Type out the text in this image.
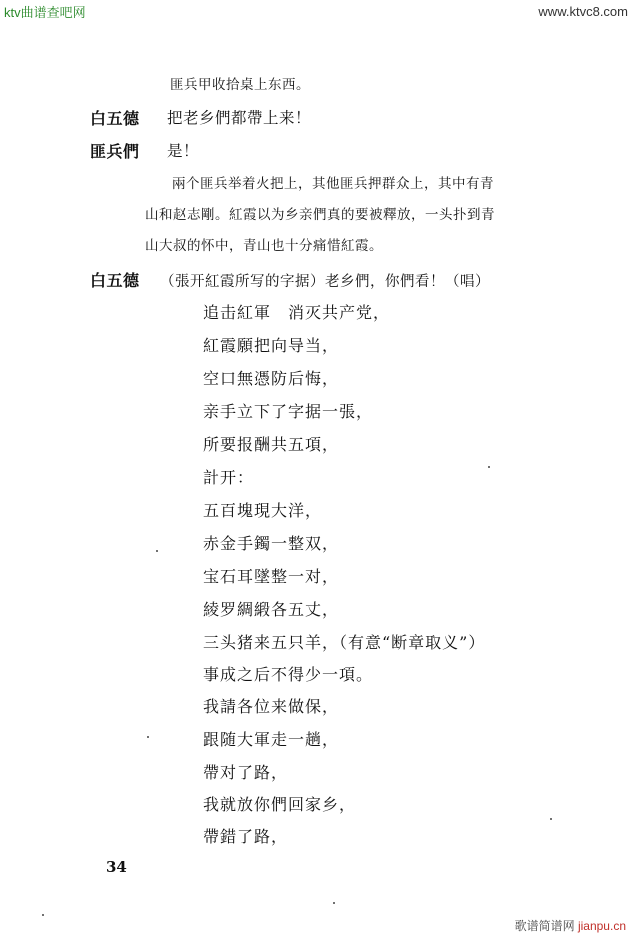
ktv曲谱查吧网	www.ktvc8.com
歌谱简谱网 jianpu.cn
匪兵甲收拾桌上东西。
白五德 把老乡們都帶上来！
匪兵們 是！
兩个匪兵举着火把上，其他匪兵押群众上，其中有青
山和赵志剛。紅霞以为乡亲們真的要被釋放，一头扑到青
山大叔的怀中，青山也十分痛惜紅霞。
白五德 （張开紅霞所写的字据）老乡們，你們看！（唱）
追击紅軍　消灭共产党，
紅霞願把向导当，
空口無憑防后悔，
亲手立下了字据一張，
所要报酬共五項，
計开：
五百塊現大洋，
赤金手鐲一整双，
宝石耳墜整一对，
綾罗綢緞各五丈，
三头猪来五只羊，（有意“断章取义”）
事成之后不得少一項。
我請各位来做保，
跟随大軍走一趟，
帶对了路，
我就放你們回家乡，
帶錯了路，
34
